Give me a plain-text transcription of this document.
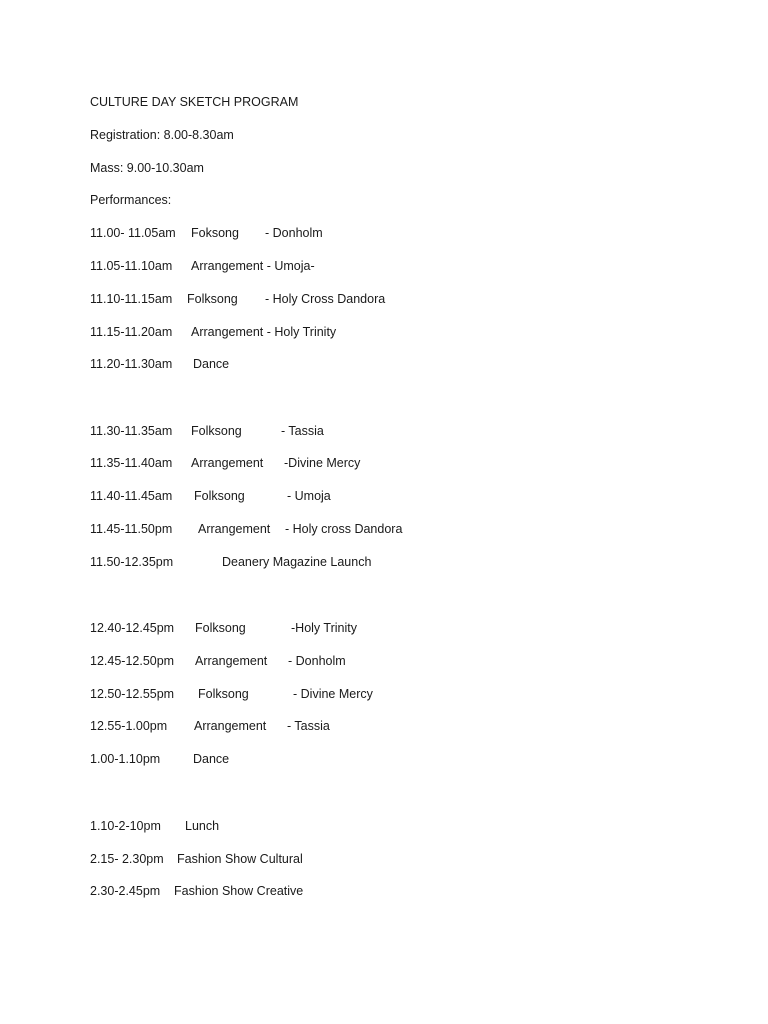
CULTURE DAY SKETCH PROGRAM
Registration: 8.00-8.30am
Mass: 9.00-10.30am
Performances:
11.00- 11.05am Foksong - Donholm
11.05-11.10am Arrangement - Umoja-
11.10-11.15am Folksong - Holy Cross Dandora
11.15-11.20am Arrangement - Holy Trinity
11.20-11.30am Dance
11.30-11.35am Folksong	- Tassia
11.35-11.40am Arrangement -Divine Mercy
11.40-11.45am Folksong	- Umoja
11.45-11.50pm Arrangement - Holy cross Dandora
11.50-12.35pm	Deanery Magazine Launch
12.40-12.45pm Folksong	-Holy Trinity
12.45-12.50pm Arrangement - Donholm
12.50-12.55pm Folksong	- Divine Mercy
12.55-1.00pm Arrangement - Tassia
1.00-1.10pm	Dance
1.10-2-10pm Lunch
2.15- 2.30pm Fashion Show Cultural
2.30-2.45pm Fashion Show Creative
